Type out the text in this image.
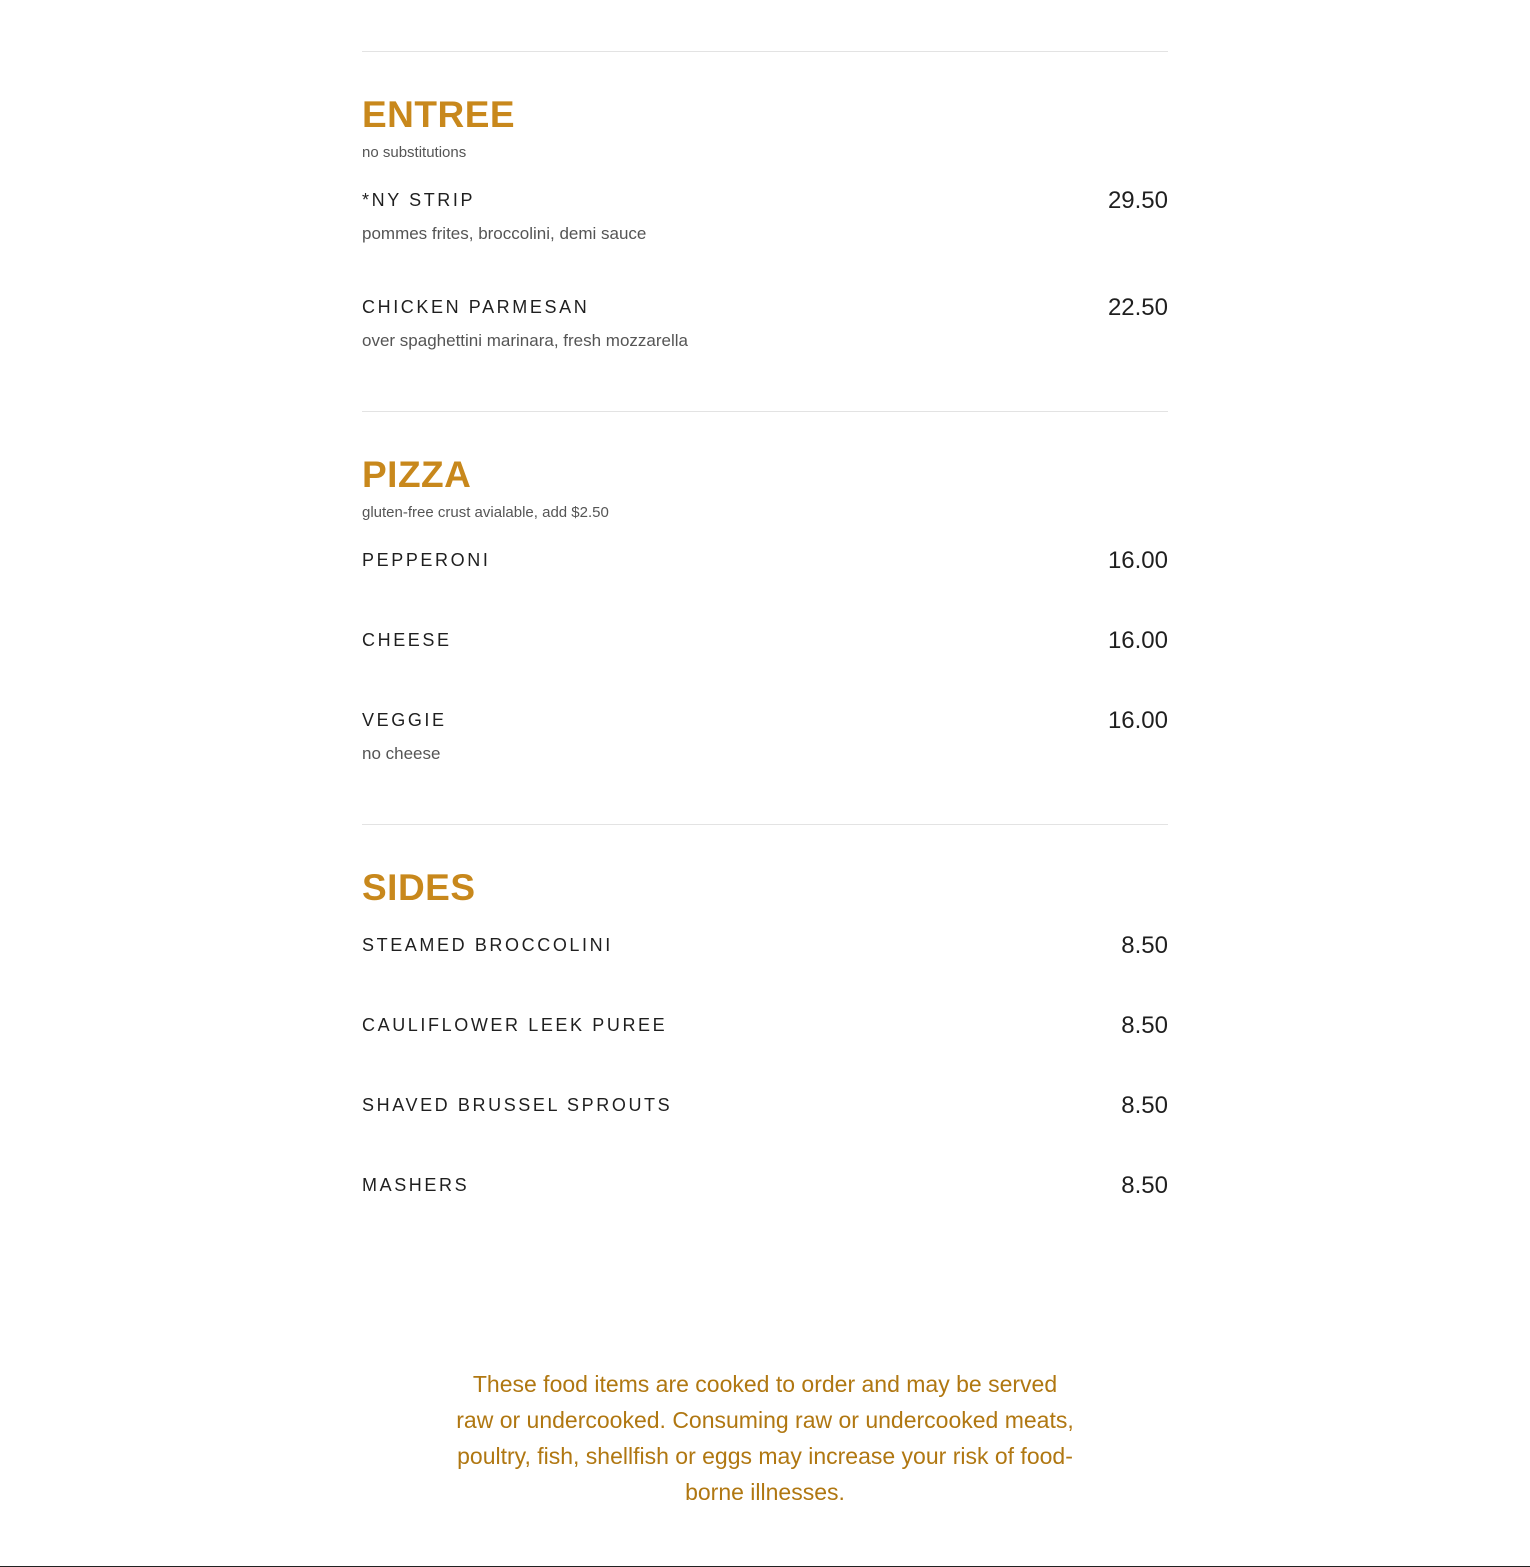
ENTREE
no substitutions
*NY STRIP	29.50
pommes frites, broccolini, demi sauce
CHICKEN PARMESAN	22.50
over spaghettini marinara, fresh mozzarella
PIZZA
gluten-free crust avialable, add $2.50
PEPPERONI	16.00
CHEESE	16.00
VEGGIE	16.00
no cheese
SIDES
STEAMED BROCCOLINI	8.50
CAULIFLOWER LEEK PUREE	8.50
SHAVED BRUSSEL SPROUTS	8.50
MASHERS	8.50

These food items are cooked to order and may be served raw or undercooked. Consuming raw or undercooked meats, poultry, fish, shellfish or eggs may increase your risk of food-borne illnesses.
